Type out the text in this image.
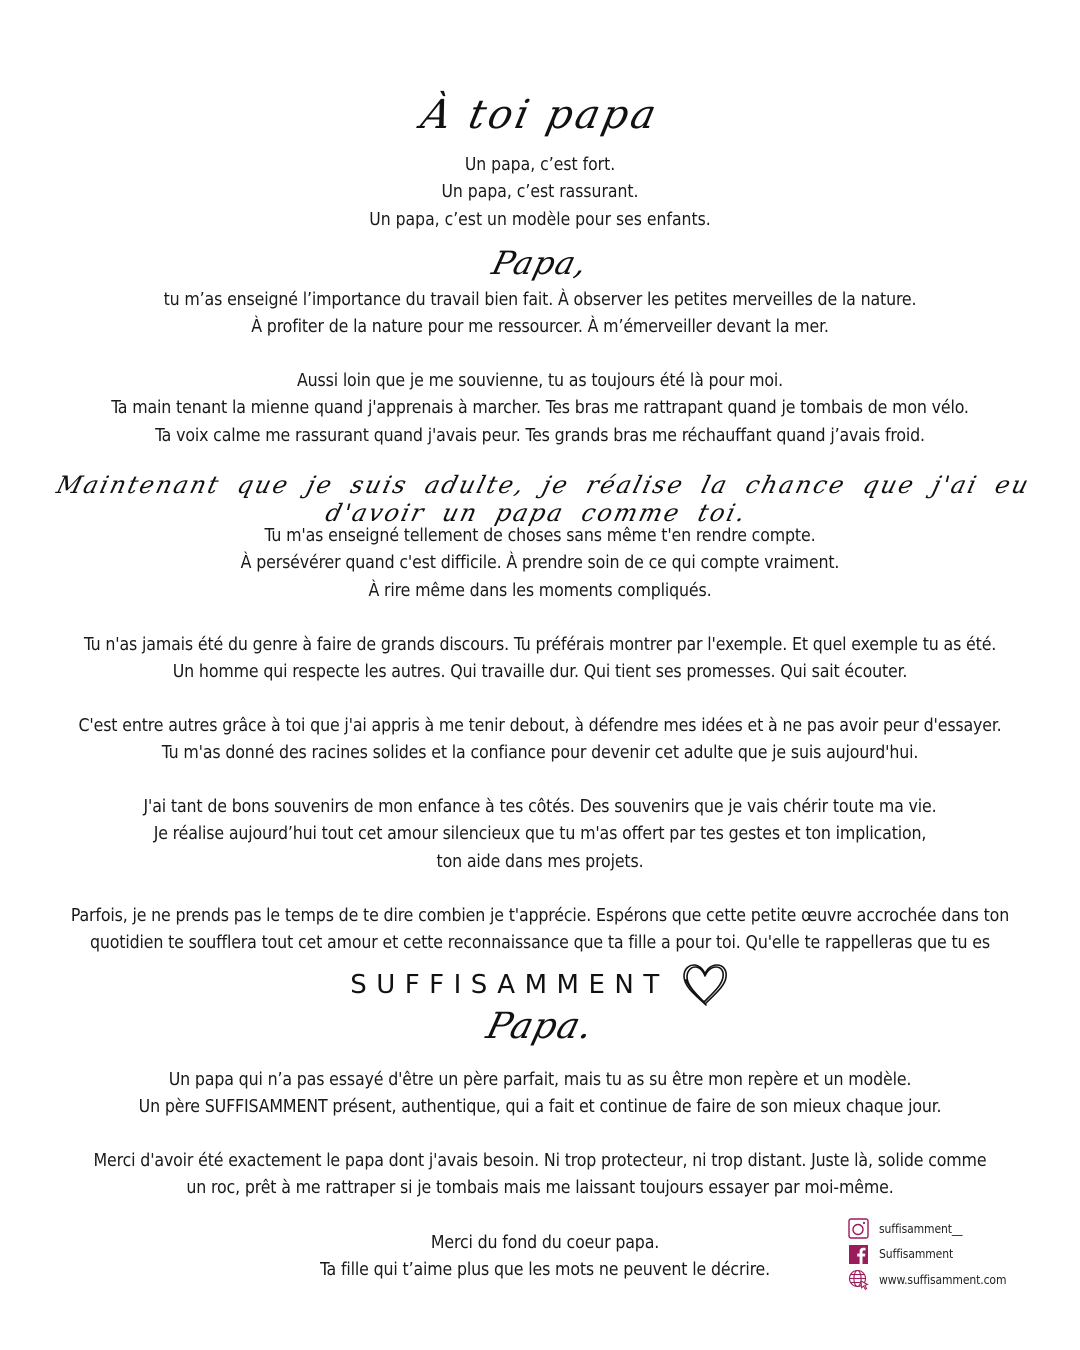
À toi papa
Un papa, c’est fort.
Un papa, c’est rassurant.
Un papa, c’est un modèle pour ses enfants.
Papa,
tu m’as enseigné l’importance du travail bien fait. À observer les petites merveilles de la nature.
À profiter de la nature pour me ressourcer. À m’émerveiller devant la mer.
Aussi loin que je me souvienne, tu as toujours été là pour moi.
Ta main tenant la mienne quand j'apprenais à marcher. Tes bras me rattrapant quand je tombais de mon vélo.
Ta voix calme me rassurant quand j'avais peur. Tes grands bras me réchauffant quand j’avais froid.
Maintenant que je suis adulte, je réalise la chance que j'ai eu d'avoir un papa comme toi.
Tu m'as enseigné tellement de choses sans même t'en rendre compte.
À persévérer quand c'est difficile. À prendre soin de ce qui compte vraiment.
À rire même dans les moments compliqués.
Tu n'as jamais été du genre à faire de grands discours. Tu préférais montrer par l'exemple. Et quel exemple tu as été.
Un homme qui respecte les autres. Qui travaille dur. Qui tient ses promesses. Qui sait écouter.
C'est entre autres grâce à toi que j'ai appris à me tenir debout, à défendre mes idées et à ne pas avoir peur d'essayer.
Tu m'as donné des racines solides et la confiance pour devenir cet adulte que je suis aujourd'hui.
J'ai tant de bons souvenirs de mon enfance à tes côtés. Des souvenirs que je vais chérir toute ma vie.
Je réalise aujourd’hui tout cet amour silencieux que tu m'as offert par tes gestes et ton implication,
ton aide dans mes projets.
Parfois, je ne prends pas le temps de te dire combien je t'apprécie. Espérons que cette petite œuvre accrochée dans ton
quotidien te soufflera tout cet amour et cette reconnaissance que ta fille a pour toi. Qu'elle te rappelleras que tu es
SUFFISAMMENT
Papa.
Un papa qui n’a pas essayé d'être un père parfait, mais tu as su être mon repère et un modèle.
Un père SUFFISAMMENT présent, authentique, qui a fait et continue de faire de son mieux chaque jour.
Merci d'avoir été exactement le papa dont j'avais besoin. Ni trop protecteur, ni trop distant. Juste là, solide comme
un roc, prêt à me rattraper si je tombais mais me laissant toujours essayer par moi-même.
Merci du fond du coeur papa.
Ta fille qui t’aime plus que les mots ne peuvent le décrire.
suffisamment__
Suffisamment
www.suffisamment.com
